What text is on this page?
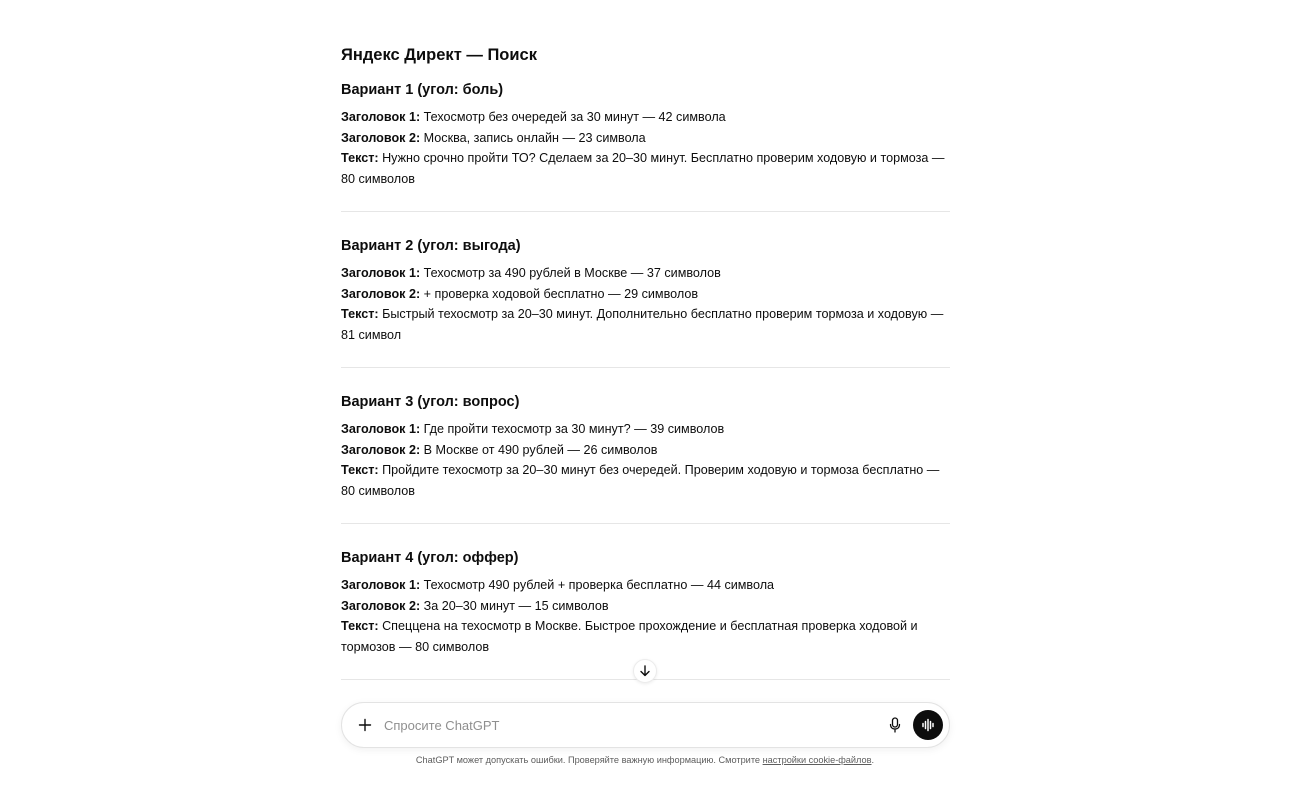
Яндекс Директ — Поиск
Вариант 1 (угол: боль)

Заголовок 1: Техосмотр без очередей за 30 минут — 42 символа

Заголовок 2: Москва, запись онлайн — 23 символа

Текст: Нужно срочно пройти ТО? Сделаем за 20–30 минут. Бесплатно проверим ходовую и тормоза — 80 символов

Вариант 2 (угол: выгода)

Заголовок 1: Техосмотр за 490 рублей в Москве — 37 символов

Заголовок 2: + проверка ходовой бесплатно — 29 символов

Текст: Быстрый техосмотр за 20–30 минут. Дополнительно бесплатно проверим тормоза и ходовую — 81 символ

Вариант 3 (угол: вопрос)

Заголовок 1: Где пройти техосмотр за 30 минут? — 39 символов

Заголовок 2: В Москве от 490 рублей — 26 символов

Текст: Пройдите техосмотр за 20–30 минут без очередей. Проверим ходовую и тормоза бесплатно — 80 символов

Вариант 4 (угол: оффер)

Заголовок 1: Техосмотр 490 рублей + проверка бесплатно — 44 символа

Заголовок 2: За 20–30 минут — 15 символов

Текст: Спеццена на техосмотр в Москве. Быстрое прохождение и бесплатная проверка ходовой и тормозов — 80 символов

Спросите ChatGPT
ChatGPT может допускать ошибки. Проверяйте важную информацию. Смотрите настройки cookie-файлов.
